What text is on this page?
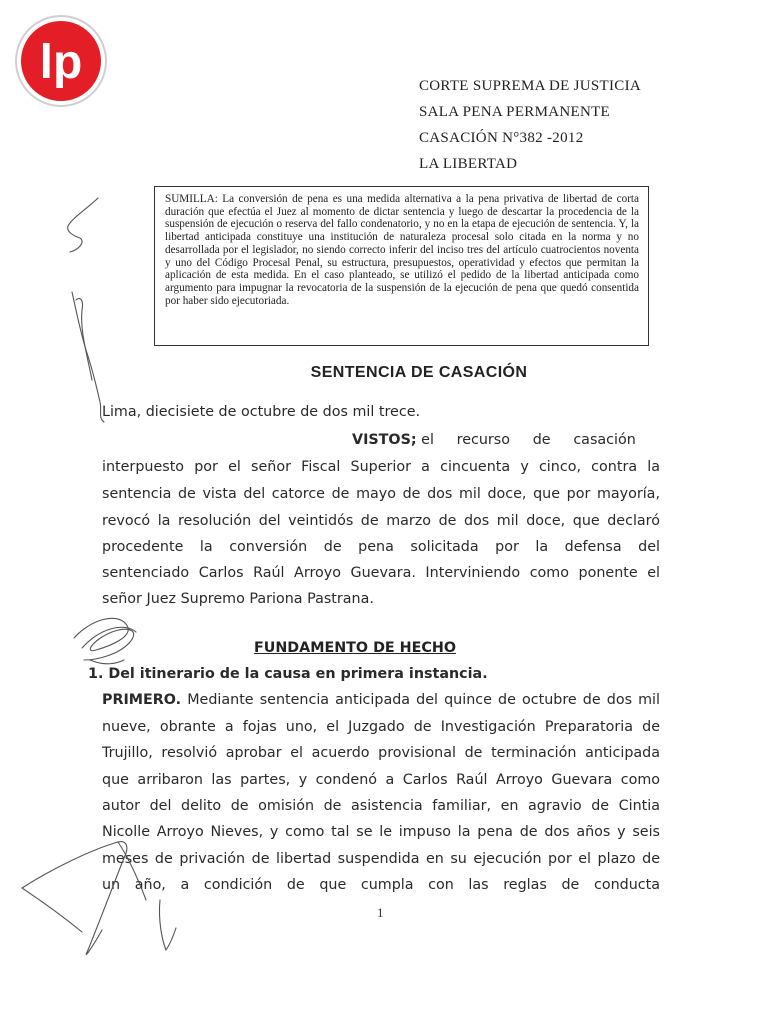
lp	CORTE SUPREMA DE JUSTICIA
SALA PENA PERMANENTE
CASACIÓN N°382 -2012
LA LIBERTAD
SUMILLA: La conversión de pena es una medida alternativa a la pena privativa de libertad de corta duración que efectúa el Juez al momento de dictar sentencia y luego de descartar la procedencia de la suspensión de ejecución o reserva del fallo condenatorio, y no en la etapa de ejecución de sentencia. Y, la libertad anticipada constituye una institución de naturaleza procesal solo citada en la norma y no desarrollada por el legislador, no siendo correcto inferir del inciso tres del artículo cuatrocientos noventa y uno del Código Procesal Penal, su estructura, presupuestos, operatividad y efectos que permitan la aplicación de esta medida. En el caso planteado, se utilizó el pedido de la libertad anticipada como argumento para impugnar la revocatoria de la suspensión de la ejecución de pena que quedó consentida por haber sido ejecutoriada.
SENTENCIA DE CASACIÓN
Lima, diecisiete de octubre de dos mil trece.
VISTOS; el     recurso     de     casación
interpuesto por el señor Fiscal Superior a cincuenta y cinco, contra la
sentencia de vista del catorce de mayo de dos mil doce, que por mayoría,
revocó la resolución del veintidós de marzo de dos mil doce, que declaró
procedente la conversión de pena solicitada por la defensa del
sentenciado Carlos Raúl Arroyo Guevara. Interviniendo como ponente el
señor Juez Supremo Pariona Pastrana.
FUNDAMENTO DE HECHO
1. Del itinerario de la causa en primera instancia.
PRIMERO. Mediante sentencia anticipada del quince de octubre de dos mil
nueve, obrante a fojas uno, el Juzgado de Investigación Preparatoria de
Trujillo, resolvió aprobar el acuerdo provisional de terminación anticipada
que arribaron las partes, y condenó a Carlos Raúl Arroyo Guevara como
autor del delito de omisión de asistencia familiar, en agravio de Cintia
Nicolle Arroyo Nieves, y como tal se le impuso la pena de dos años y seis
meses de privación de libertad suspendida en su ejecución por el plazo de
un año, a condición de que cumpla con las reglas de conducta
1
